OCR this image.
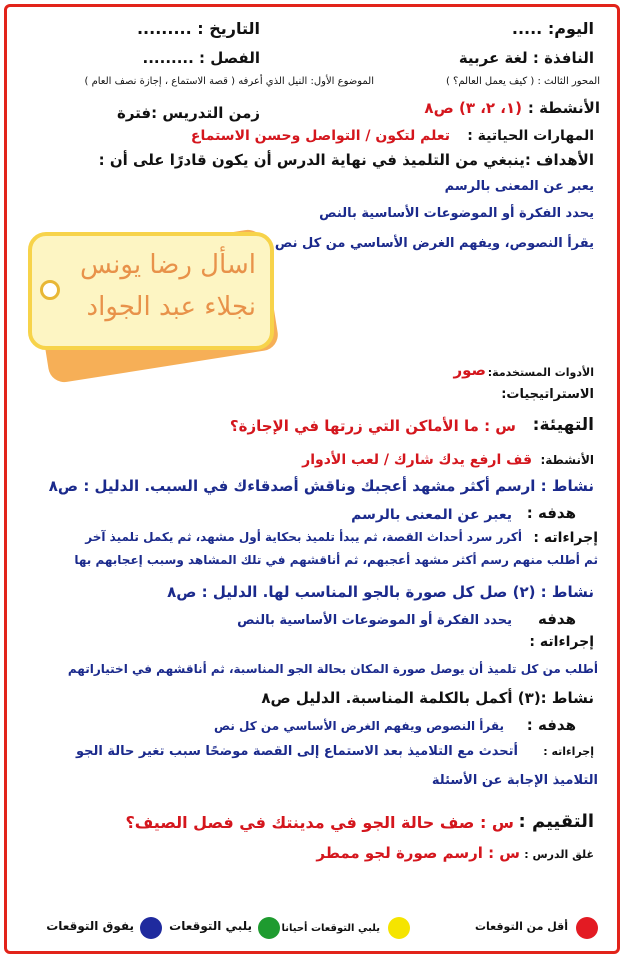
اليوم: .....
التاريخ : .........
النافذة : لغة عربية
الفصل : .........
المحور الثالث : ( كيف يعمل العالم؟ )
الموضوع الأول: النيل الذي أعرفه ( قصة الاستماع ، إجازة نصف العام )
الأنشطة :
(١، ٢، ٣) ص٨
زمن التدريس :فترة
المهارات الحياتية :
تعلم لتكون / التواصل وحسن الاستماع
الأهداف :ينبغي من التلميذ في نهاية الدرس أن يكون قادرًا على أن :
يعبر عن المعنى بالرسم
يحدد الفكرة أو الموضوعات الأساسية بالنص
يقرأ النصوص، ويفهم الغرض الأساسي من كل نص
اسأل رضا يونس
نجلاء عبد الجواد
الأدوات المستخدمة:
صور
الاستراتيجيات:
التهيئة:
س : ما الأماكن التي زرتها في الإجازة؟
الأنشطة:
قف ارفع يدك شارك / لعب الأدوار
نشاط : ارسم أكثر مشهد أعجبك وناقش أصدقاءك في السبب. الدليل : ص٨
هدفه :
يعبر عن المعنى بالرسم
إجراءاته :
أكرر سرد أحداث القصة، ثم يبدأ تلميذ بحكاية أول مشهد، ثم يكمل تلميذ آخر
ثم أطلب منهم رسم أكثر مشهد أعجبهم، ثم أناقشهم في تلك المشاهد وسبب إعجابهم بها
نشاط : (٢) صل كل صورة بالجو المناسب لها. الدليل : ص٨
هدفه
يحدد الفكرة أو الموضوعات الأساسية بالنص
إجراءاته :
أطلب من كل تلميذ أن يوصل صورة المكان بحالة الجو المناسبة، ثم أناقشهم في اختياراتهم
نشاط :(٣) أكمل بالكلمة المناسبة. الدليل ص٨
هدفه :
يقرأ النصوص ويفهم الغرض الأساسي من كل نص
إجراءاته :
أتحدث مع التلاميذ بعد الاستماع إلى القصة موضحًا سبب تغير حالة الجو
التلاميذ الإجابة عن الأسئلة
التقييم :
س : صف حالة الجو في مدينتك في فصل الصيف؟
غلق الدرس :
س : ارسم صورة لجو ممطر
أقل من التوقعات
يلبي التوقعات أحيانا
يلبي التوقعات
يفوق التوقعات
